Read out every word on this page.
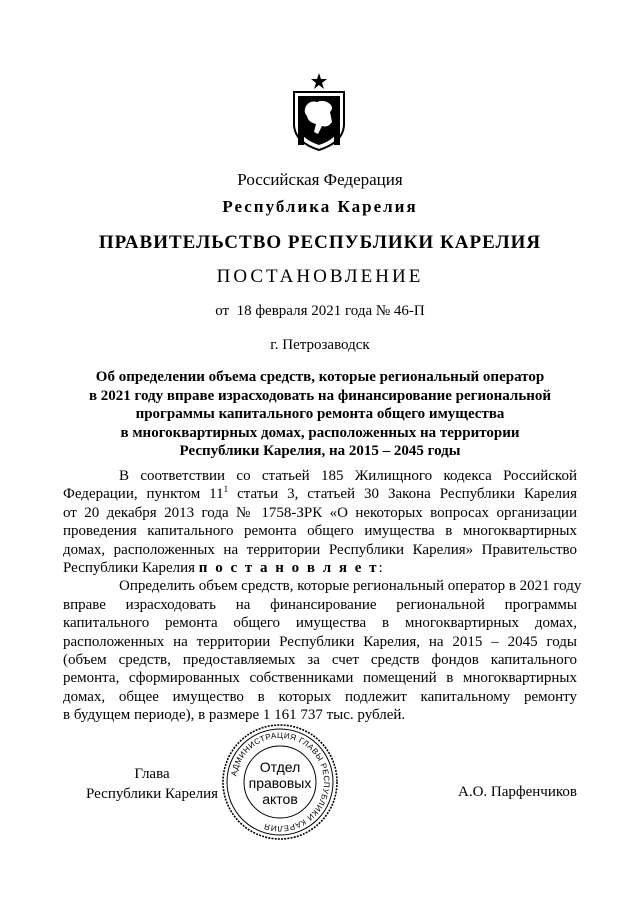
Российская Федерация
Республика Карелия
ПРАВИТЕЛЬСТВО РЕСПУБЛИКИ КАРЕЛИЯ
ПОСТАНОВЛЕНИЕ
от  18 февраля 2021 года № 46-П
г. Петрозаводск
Об определении объема средств, которые региональный оператор
в 2021 году вправе израсходовать на финансирование региональной
программы капитального ремонта общего имущества
в многоквартирных домах, расположенных на территории
Республики Карелия, на 2015 – 2045 годы
В соответствии со статьей 185 Жилищного кодекса Российской
Федерации, пунктом $11^1$ статьи 3, статьей 30 Закона Республики Карелия
от 20 декабря 2013 года № 1758-ЗРК «О некоторых вопросах организации
проведения капитального ремонта общего имущества в многоквартирных
домах, расположенных на территории Республики Карелия» Правительство
Республики Карелия п о с т а н о в л я е т:
Определить объем средств, которые региональный оператор в 2021 году
вправе израсходовать на финансирование региональной программы
капитального ремонта общего имущества в многоквартирных домах,
расположенных на территории Республики Карелия, на 2015 – 2045 годы
(объем средств, предоставляемых за счет средств фондов капитального
ремонта, сформированных собственниками помещений в многоквартирных
домах, общее имущество в которых подлежит капитальному ремонту
в будущем периоде), в размере 1 161 737 тыс. рублей.
Глава
Республики Карелия
АДМИНИСТРАЦИЯ ГЛАВЫ РЕСПУБЛИКИ КАРЕЛИЯ
Отдел
правовых
актов	А.О. Парфенчиков
